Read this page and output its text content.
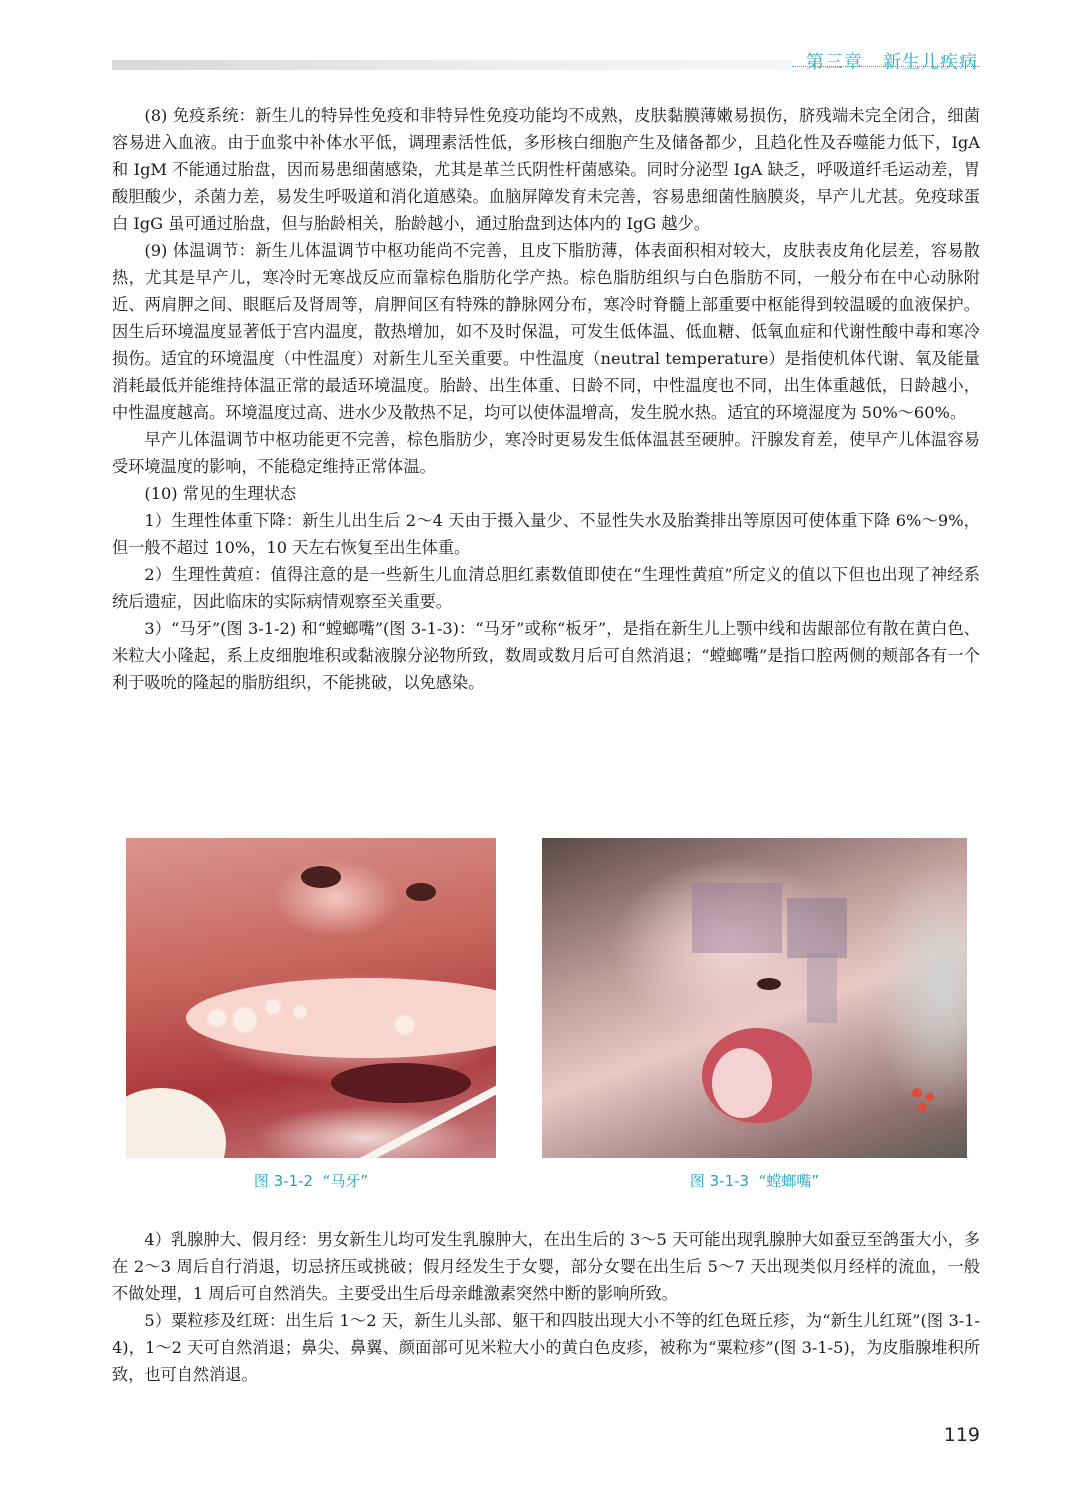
第三章 新生儿疾病

(8) 免疫系统：新生儿的特异性免疫和非特异性免疫功能均不成熟，皮肤黏膜薄嫩易损伤，脐残端未完全闭合，细菌容易进入血液。由于血浆中补体水平低，调理素活性低，多形核白细胞产生及储备都少，且趋化性及吞噬能力低下，IgA 和 IgM 不能通过胎盘，因而易患细菌感染，尤其是革兰氏阴性杆菌感染。同时分泌型 IgA 缺乏，呼吸道纤毛运动差，胃酸胆酸少，杀菌力差，易发生呼吸道和消化道感染。血脑屏障发育未完善，容易患细菌性脑膜炎，早产儿尤甚。免疫球蛋白 IgG 虽可通过胎盘，但与胎龄相关，胎龄越小，通过胎盘到达体内的 IgG 越少。

(9) 体温调节：新生儿体温调节中枢功能尚不完善，且皮下脂肪薄，体表面积相对较大，皮肤表皮角化层差，容易散热，尤其是早产儿，寒冷时无寒战反应而靠棕色脂肪化学产热。棕色脂肪组织与白色脂肪不同，一般分布在中心动脉附近、两肩胛之间、眼眶后及肾周等，肩胛间区有特殊的静脉网分布，寒冷时脊髓上部重要中枢能得到较温暖的血液保护。因生后环境温度显著低于宫内温度，散热增加，如不及时保温，可发生低体温、低血糖、低氧血症和代谢性酸中毒和寒冷损伤。适宜的环境温度（中性温度）对新生儿至关重要。中性温度（neutral temperature）是指使机体代谢、氧及能量消耗最低并能维持体温正常的最适环境温度。胎龄、出生体重、日龄不同，中性温度也不同，出生体重越低，日龄越小，中性温度越高。环境温度过高、进水少及散热不足，均可以使体温增高，发生脱水热。适宜的环境湿度为 50%～60%。

早产儿体温调节中枢功能更不完善，棕色脂肪少，寒冷时更易发生低体温甚至硬肿。汗腺发育差，使早产儿体温容易受环境温度的影响，不能稳定维持正常体温。

(10) 常见的生理状态

1）生理性体重下降：新生儿出生后 2～4 天由于摄入量少、不显性失水及胎粪排出等原因可使体重下降 6%～9%，但一般不超过 10%，10 天左右恢复至出生体重。

2）生理性黄疸：值得注意的是一些新生儿血清总胆红素数值即使在“生理性黄疸”所定义的值以下但也出现了神经系统后遗症，因此临床的实际病情观察至关重要。

3）“马牙”(图 3-1-2) 和“螳螂嘴”(图 3-1-3)：“马牙”或称“板牙”，是指在新生儿上颚中线和齿龈部位有散在黄白色、米粒大小隆起，系上皮细胞堆积或黏液腺分泌物所致，数周或数月后可自然消退；“螳螂嘴”是指口腔两侧的颊部各有一个利于吸吮的隆起的脂肪组织，不能挑破，以免感染。

图 3-1-2  “马牙”	图 3-1-3  “螳螂嘴”

4）乳腺肿大、假月经：男女新生儿均可发生乳腺肿大，在出生后的 3～5 天可能出现乳腺肿大如蚕豆至鸽蛋大小，多在 2～3 周后自行消退，切忌挤压或挑破；假月经发生于女婴，部分女婴在出生后 5～7 天出现类似月经样的流血，一般不做处理，1 周后可自然消失。主要受出生后母亲雌激素突然中断的影响所致。

5）粟粒疹及红斑：出生后 1～2 天，新生儿头部、躯干和四肢出现大小不等的红色斑丘疹，为“新生儿红斑”(图 3-1-4)，1～2 天可自然消退；鼻尖、鼻翼、颜面部可见米粒大小的黄白色皮疹，被称为“粟粒疹”(图 3-1-5)，为皮脂腺堆积所致，也可自然消退。

119
